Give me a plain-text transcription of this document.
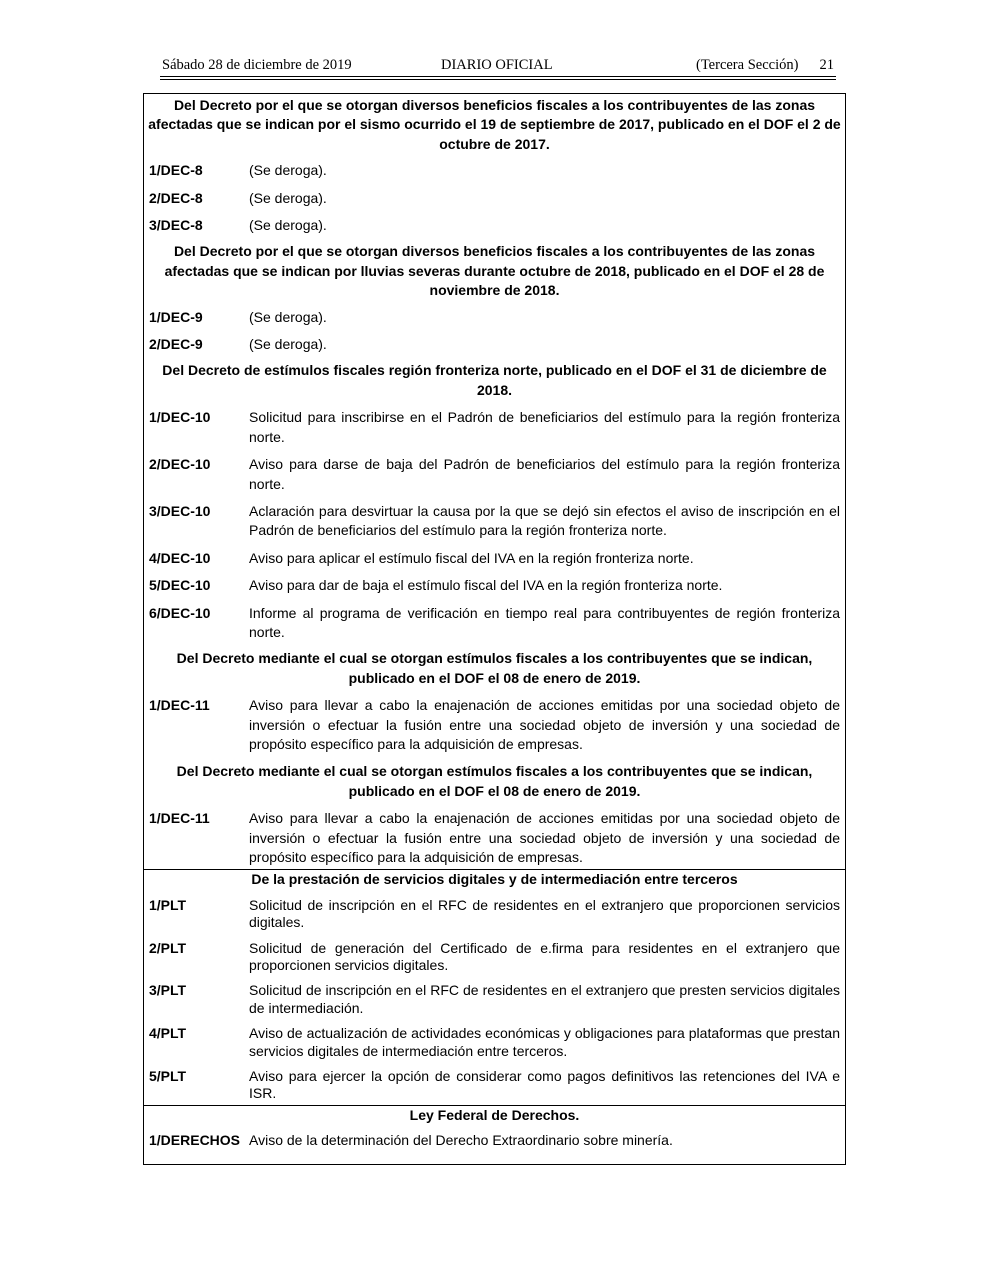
Sábado 28 de diciembre de 2019	DIARIO OFICIAL	(Tercera Sección) 21
Del Decreto por el que se otorgan diversos beneficios fiscales a los contribuyentes de las zonas afectadas que se indican por el sismo ocurrido el 19 de septiembre de 2017, publicado en el DOF el 2 de octubre de 2017.
1/DEC-8	(Se deroga).
2/DEC-8	(Se deroga).
3/DEC-8	(Se deroga).
Del Decreto por el que se otorgan diversos beneficios fiscales a los contribuyentes de las zonas afectadas que se indican por lluvias severas durante octubre de 2018, publicado en el DOF el 28 de noviembre de 2018.
1/DEC-9	(Se deroga).
2/DEC-9	(Se deroga).
Del Decreto de estímulos fiscales región fronteriza norte, publicado en el DOF el 31 de diciembre de 2018.
1/DEC-10	Solicitud para inscribirse en el Padrón de beneficiarios del estímulo para la región fronteriza norte.
2/DEC-10	Aviso para darse de baja del Padrón de beneficiarios del estímulo para la región fronteriza norte.
3/DEC-10	Aclaración para desvirtuar la causa por la que se dejó sin efectos el aviso de inscripción en el Padrón de beneficiarios del estímulo para la región fronteriza norte.
4/DEC-10	Aviso para aplicar el estímulo fiscal del IVA en la región fronteriza norte.
5/DEC-10	Aviso para dar de baja el estímulo fiscal del IVA en la región fronteriza norte.
6/DEC-10	Informe al programa de verificación en tiempo real para contribuyentes de región fronteriza norte.
Del Decreto mediante el cual se otorgan estímulos fiscales a los contribuyentes que se indican, publicado en el DOF el 08 de enero de 2019.
1/DEC-11	Aviso para llevar a cabo la enajenación de acciones emitidas por una sociedad objeto de inversión o efectuar la fusión entre una sociedad objeto de inversión y una sociedad de propósito específico para la adquisición de empresas.
Del Decreto mediante el cual se otorgan estímulos fiscales a los contribuyentes que se indican, publicado en el DOF el 08 de enero de 2019.
1/DEC-11	Aviso para llevar a cabo la enajenación de acciones emitidas por una sociedad objeto de inversión o efectuar la fusión entre una sociedad objeto de inversión y una sociedad de propósito específico para la adquisición de empresas.
De la prestación de servicios digitales y de intermediación entre terceros
1/PLT	Solicitud de inscripción en el RFC de residentes en el extranjero que proporcionen servicios digitales.
2/PLT	Solicitud de generación del Certificado de e.firma para residentes en el extranjero que proporcionen servicios digitales.
3/PLT	Solicitud de inscripción en el RFC de residentes en el extranjero que presten servicios digitales de intermediación.
4/PLT	Aviso de actualización de actividades económicas y obligaciones para plataformas que prestan servicios digitales de intermediación entre terceros.
5/PLT	Aviso para ejercer la opción de considerar como pagos definitivos las retenciones del IVA e ISR.
Ley Federal de Derechos.
1/DERECHOS Aviso de la determinación del Derecho Extraordinario sobre minería.
